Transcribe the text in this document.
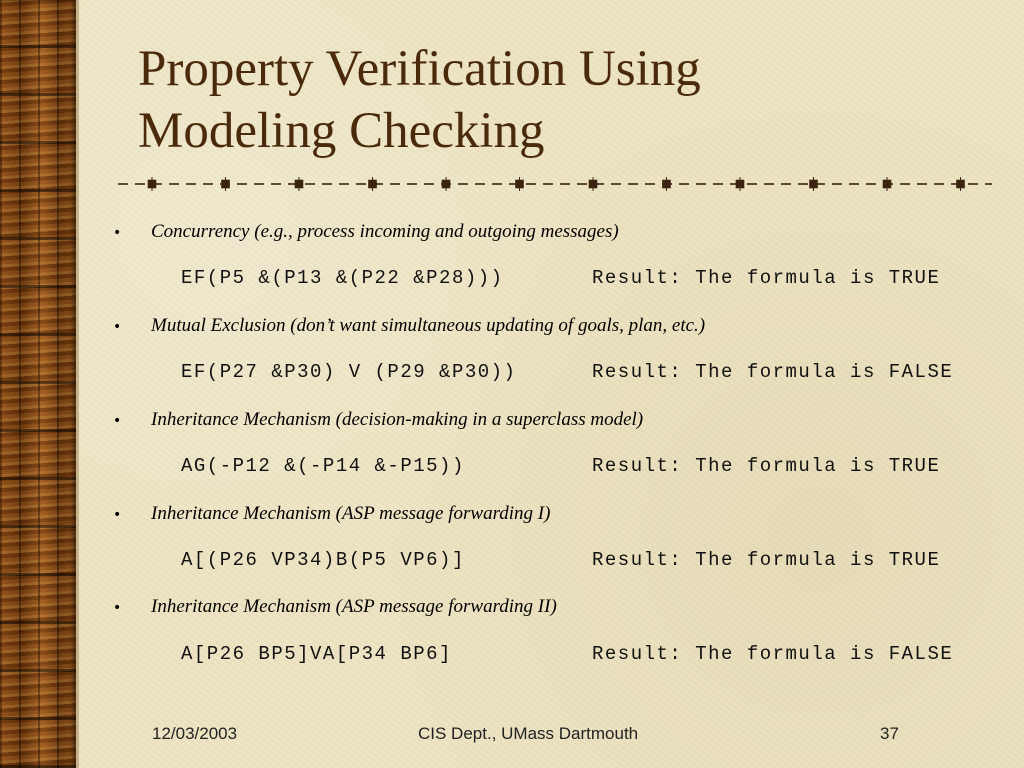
Property Verification Using
Modeling Checking
• Concurrency (e.g., process incoming and outgoing messages)
EF(P5 &(P13 &(P22 &P28)))	Result: The formula is TRUE
• Mutual Exclusion (don’t want simultaneous updating of goals, plan, etc.)
EF(P27 &P30) V (P29 &P30))	Result: The formula is FALSE
• Inheritance Mechanism (decision-making in a superclass model)
AG(-P12 &(-P14 &-P15))	Result: The formula is TRUE
• Inheritance Mechanism (ASP message forwarding I)
A[(P26 VP34)B(P5 VP6)]	Result: The formula is TRUE
• Inheritance Mechanism (ASP message forwarding II)
A[P26 BP5]VA[P34 BP6]	Result: The formula is FALSE
12/03/2003	CIS Dept., UMass Dartmouth	37
